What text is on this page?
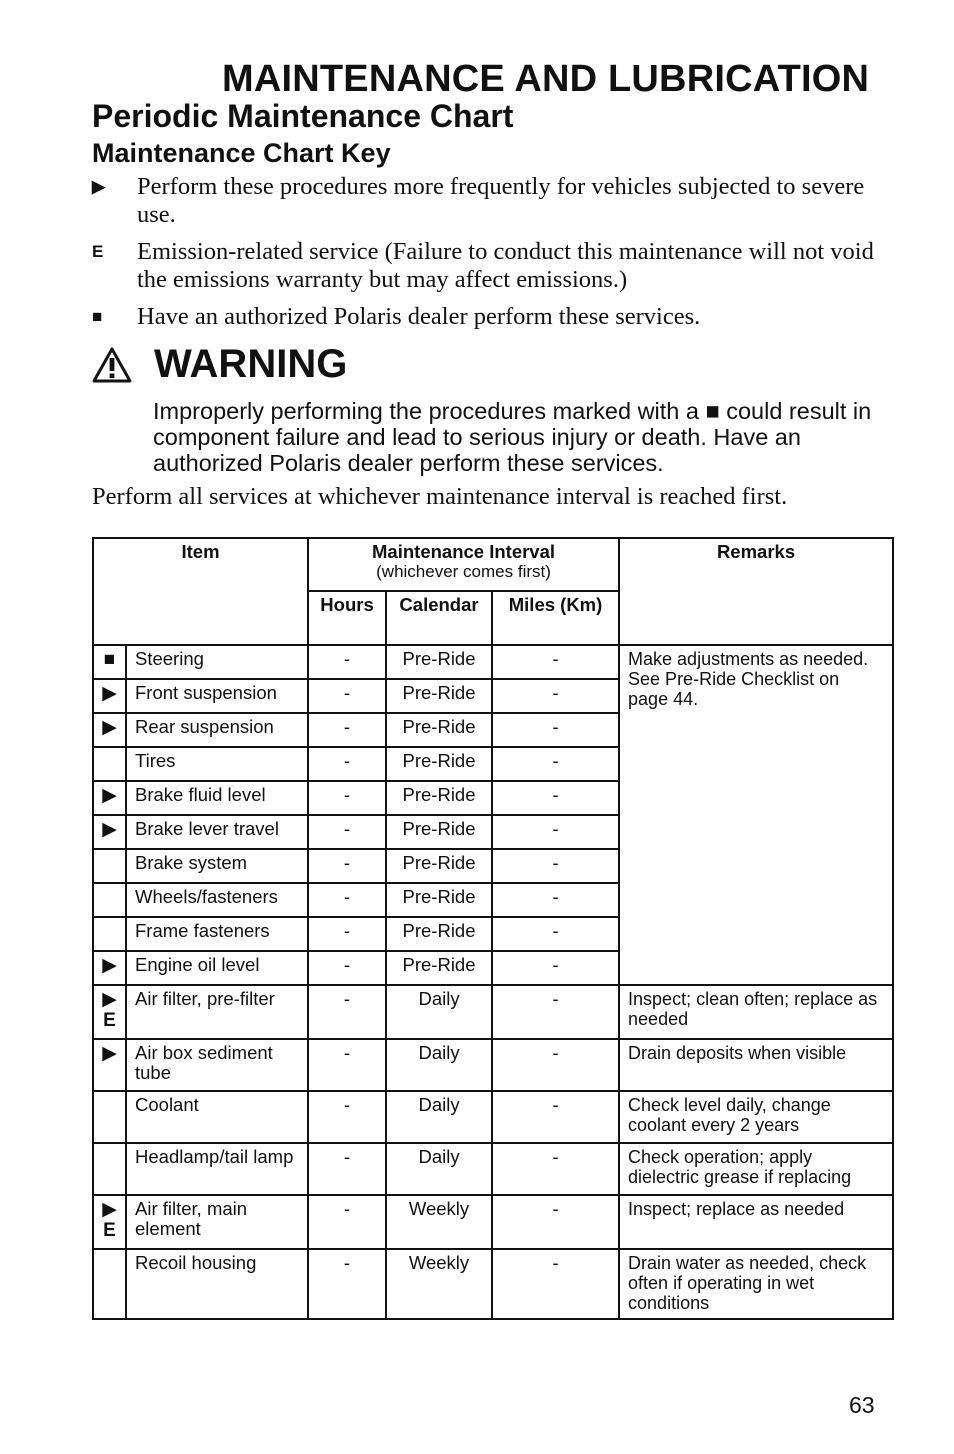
MAINTENANCE AND LUBRICATION
Periodic Maintenance Chart
Maintenance Chart Key
▶ Perform these procedures more frequently for vehicles subjected to severe use.
E Emission-related service (Failure to conduct this maintenance will not void the emissions warranty but may affect emissions.)
■ Have an authorized Polaris dealer perform these services.
WARNING
Improperly performing the procedures marked with a ■ could result in component failure and lead to serious injury or death. Have an authorized Polaris dealer perform these services.
Perform all services at whichever maintenance interval is reached first.
Item		Maintenance Interval
(whichever comes first)			Remarks
		Hours	Calendar	Miles (Km)	

■	Steering	-	Pre-Ride	-	Make adjustments as needed. See Pre-Ride Checklist on page 44.

▶	Front suspension	-	Pre-Ride	-	

▶	Rear suspension	-	Pre-Ride	-	

	Tires	-	Pre-Ride	-	

▶	Brake fluid level	-	Pre-Ride	-	

▶	Brake lever travel	-	Pre-Ride	-	

	Brake system	-	Pre-Ride	-	

	Wheels/fasteners	-	Pre-Ride	-	

	Frame fasteners	-	Pre-Ride	-	

▶	Engine oil level	-	Pre-Ride	-	

▶
E	Air filter, pre-filter	-	Daily	-	Inspect; clean often; replace as needed

▶	Air box sediment tube	-	Daily	-	Drain deposits when visible

	Coolant	-	Daily	-	Check level daily, change coolant every 2 years

	Headlamp/tail lamp	-	Daily	-	Check operation; apply dielectric grease if replacing

▶
E	Air filter, main element	-	Weekly	-	Inspect; replace as needed

	Recoil housing	-	Weekly	-	Drain water as needed, check often if operating in wet conditions
63
